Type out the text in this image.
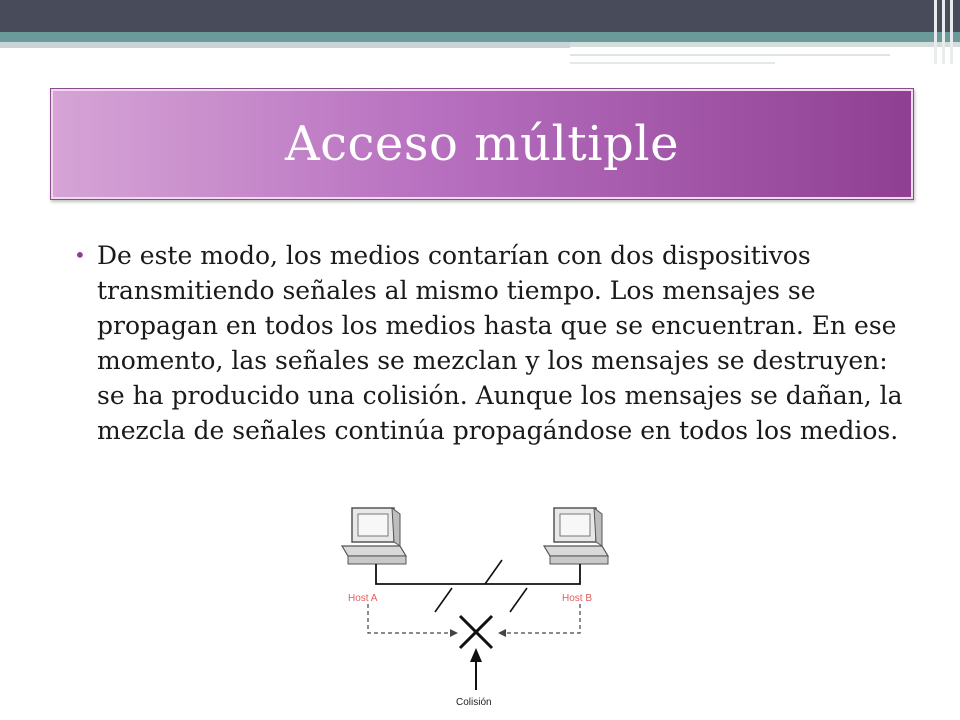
Acceso múltiple
• De este modo, los medios contarían con dos dispositivos transmitiendo señales al mismo tiempo. Los mensajes se propagan en todos los medios hasta que se encuentran. En ese momento, las señales se mezclan y los mensajes se destruyen: se ha producido una colisión. Aunque los mensajes se dañan, la mezcla de señales continúa propagándose en todos los medios.
Host A	Host B
Colisión
